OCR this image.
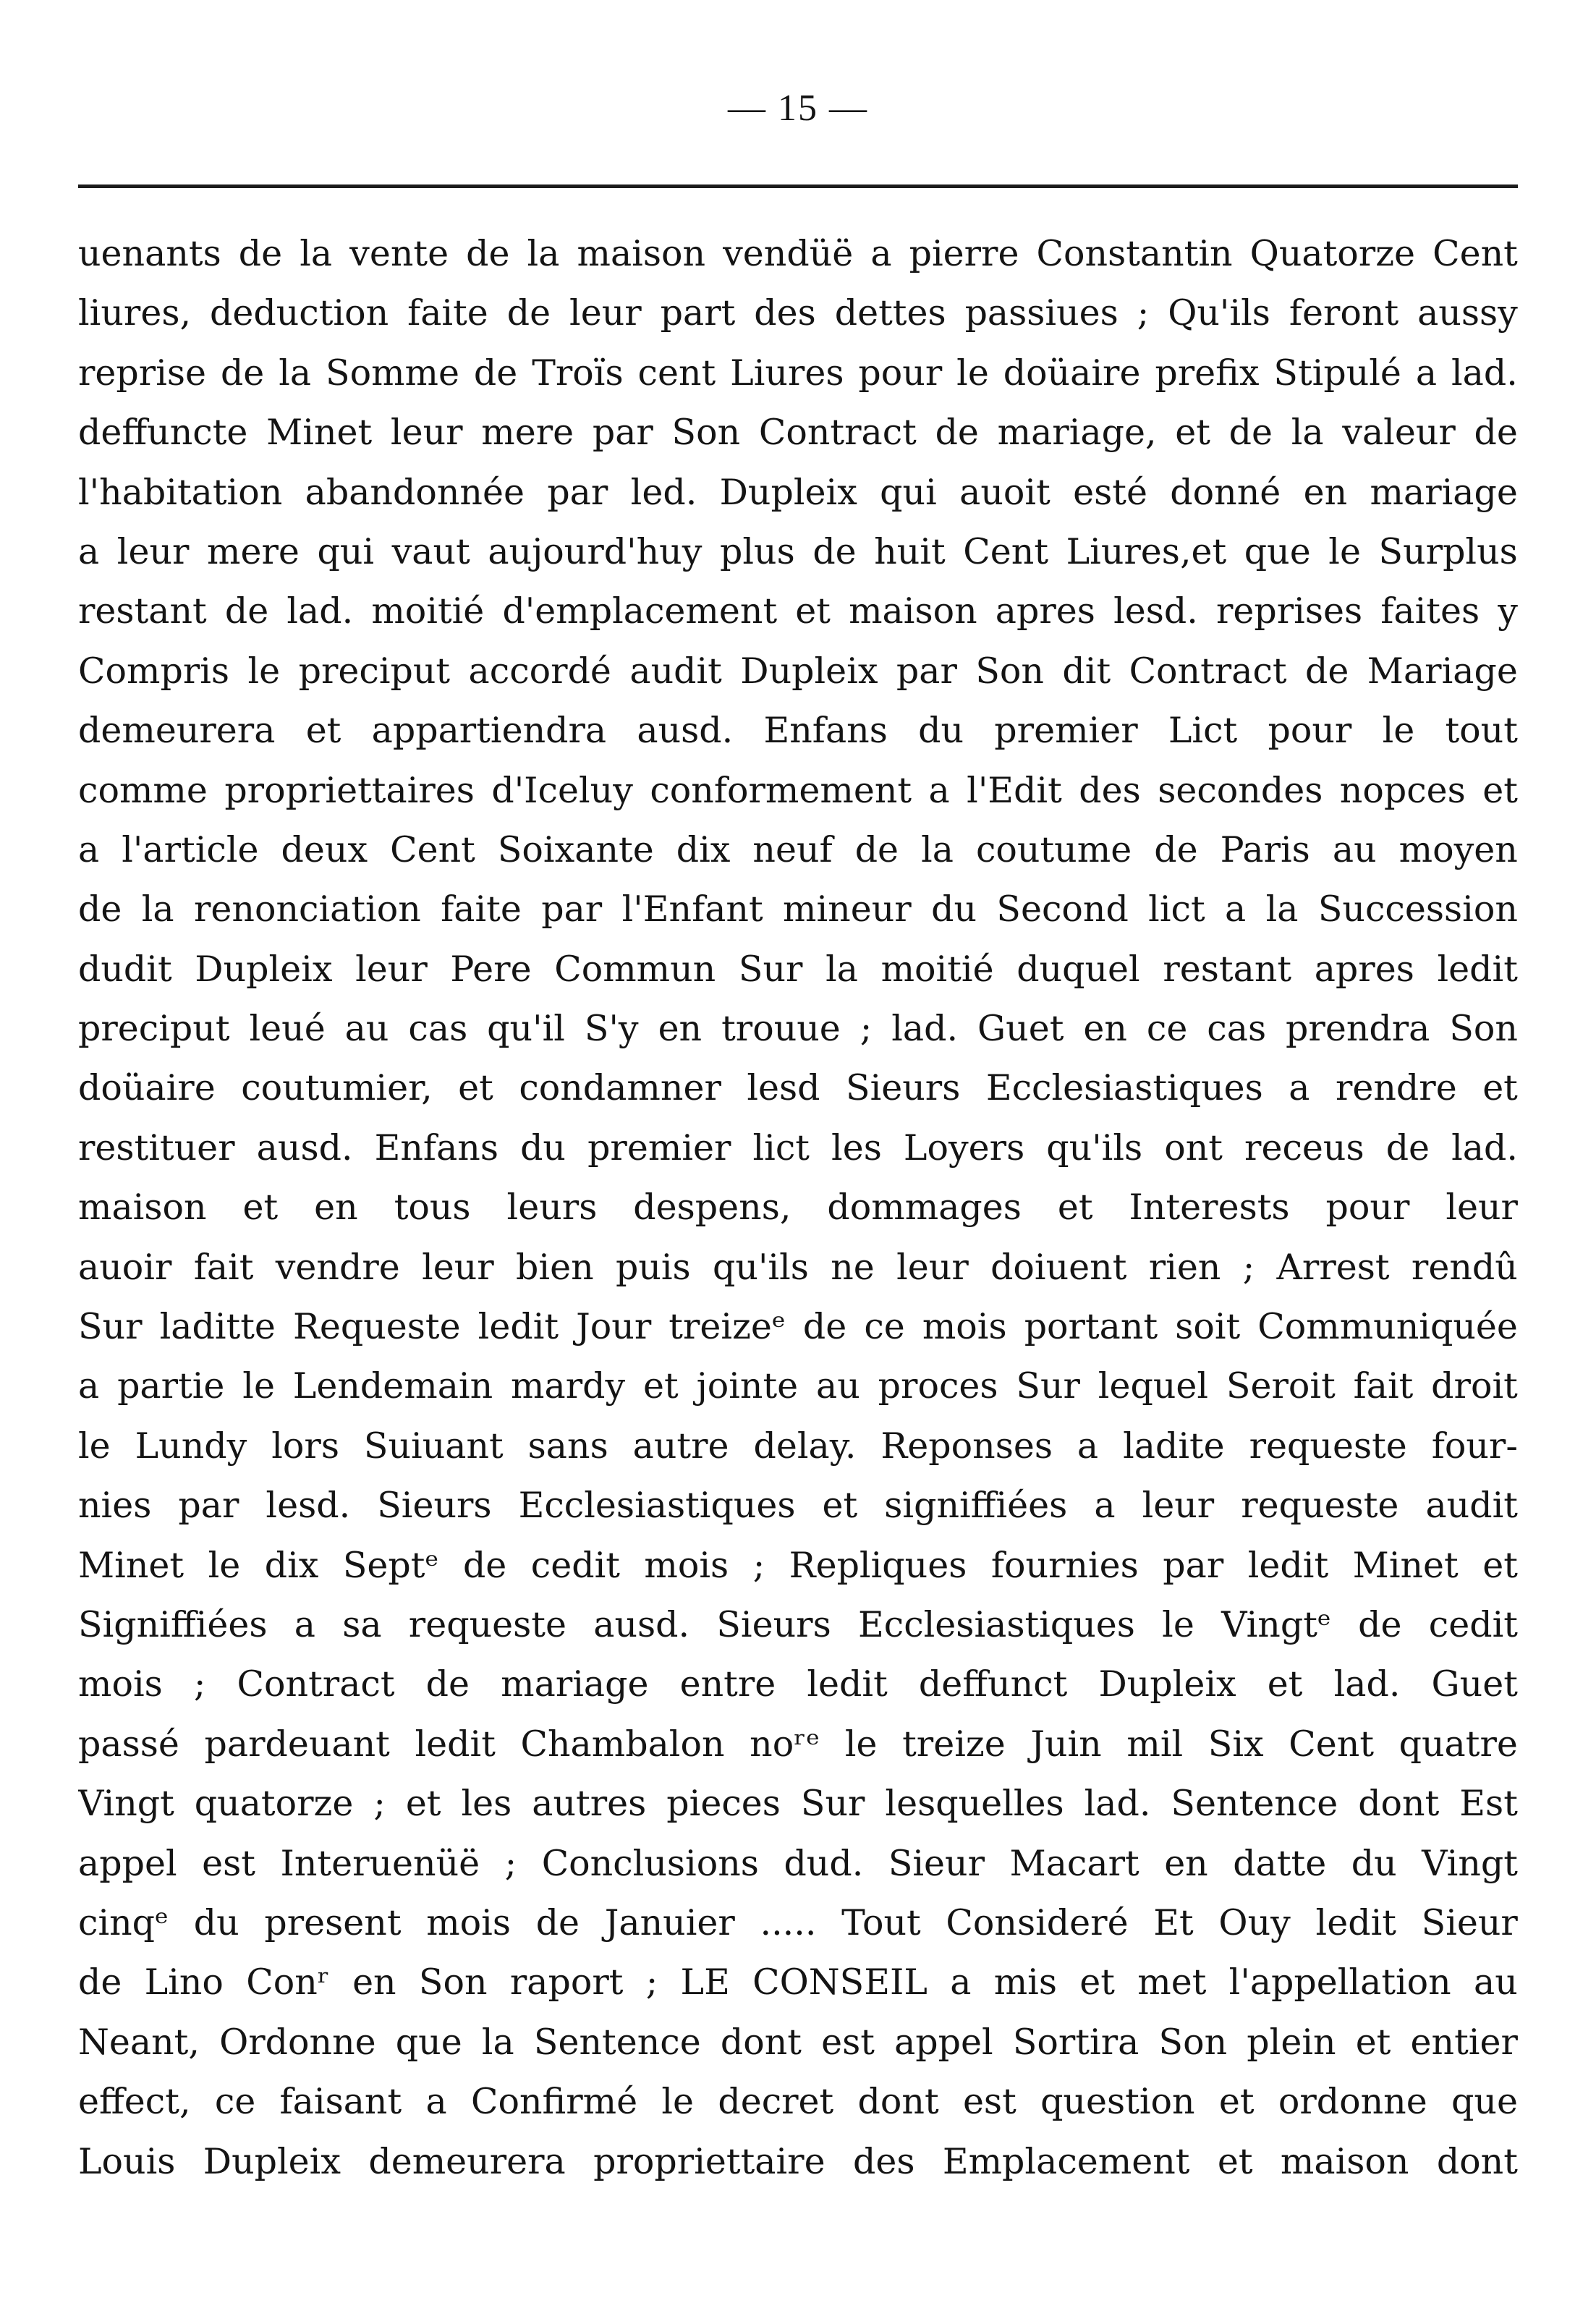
— 15 —
uenants de la vente de la maison vendüë a pierre Constantin Quatorze Cent
liures, deduction faite de leur part des dettes passiues ; Qu'ils feront aussy
reprise de la Somme de Troïs cent Liures pour le doüaire prefix Stipulé a lad.
deffuncte Minet leur mere par Son Contract de mariage, et de la valeur de
l'habitation abandonnée par led. Dupleix qui auoit esté donné en mariage
a leur mere qui vaut aujourd'huy plus de huit Cent Liures,et que le Surplus
restant de lad. moitié d'emplacement et maison apres lesd. reprises faites y
Compris le preciput accordé audit Dupleix par Son dit Contract de Mariage
demeurera et appartiendra ausd. Enfans du premier Lict pour le tout
comme propriettaires d'Iceluy conformement a l'Edit des secondes nopces et
a l'article deux Cent Soixante dix neuf de la coutume de Paris au moyen
de la renonciation faite par l'Enfant mineur du Second lict a la Succession
dudit Dupleix leur Pere Commun Sur la moitié duquel restant apres ledit
preciput leué au cas qu'il S'y en trouue ; lad. Guet en ce cas prendra Son
doüaire coutumier, et condamner lesd Sieurs Ecclesiastiques a rendre et
restituer ausd. Enfans du premier lict les Loyers qu'ils ont receus de lad.
maison et en tous leurs despens, dommages et Interests pour leur
auoir fait vendre leur bien puis qu'ils ne leur doiuent rien ; Arrest rendû
Sur laditte Requeste ledit Jour treizeᵉ de ce mois portant soit Communiquée
a partie le Lendemain mardy et jointe au proces Sur lequel Seroit fait droit
le Lundy lors Suiuant sans autre delay. Reponses a ladite requeste four-
nies par lesd. Sieurs Ecclesiastiques et signiffiées a leur requeste audit
Minet le dix Septᵉ de cedit mois ; Repliques fournies par ledit Minet et
Signiffiées a sa requeste ausd. Sieurs Ecclesiastiques le Vingtᵉ de cedit
mois ; Contract de mariage entre ledit deffunct Dupleix et lad. Guet
passé pardeuant ledit Chambalon noʳᵉ le treize Juin mil Six Cent quatre
Vingt quatorze ; et les autres pieces Sur lesquelles lad. Sentence dont Est
appel est Interuenüë ; Conclusions dud. Sieur Macart en datte du Vingt
cinqᵉ du present mois de Januier ..... Tout Consideré Et Ouy ledit Sieur
de Lino Conʳ en Son raport ; LE CONSEIL a mis et met l'appellation au
Neant, Ordonne que la Sentence dont est appel Sortira Son plein et entier
effect, ce faisant a Confirmé le decret dont est question et ordonne que
Louis Dupleix demeurera propriettaire des Emplacement et maison dont
